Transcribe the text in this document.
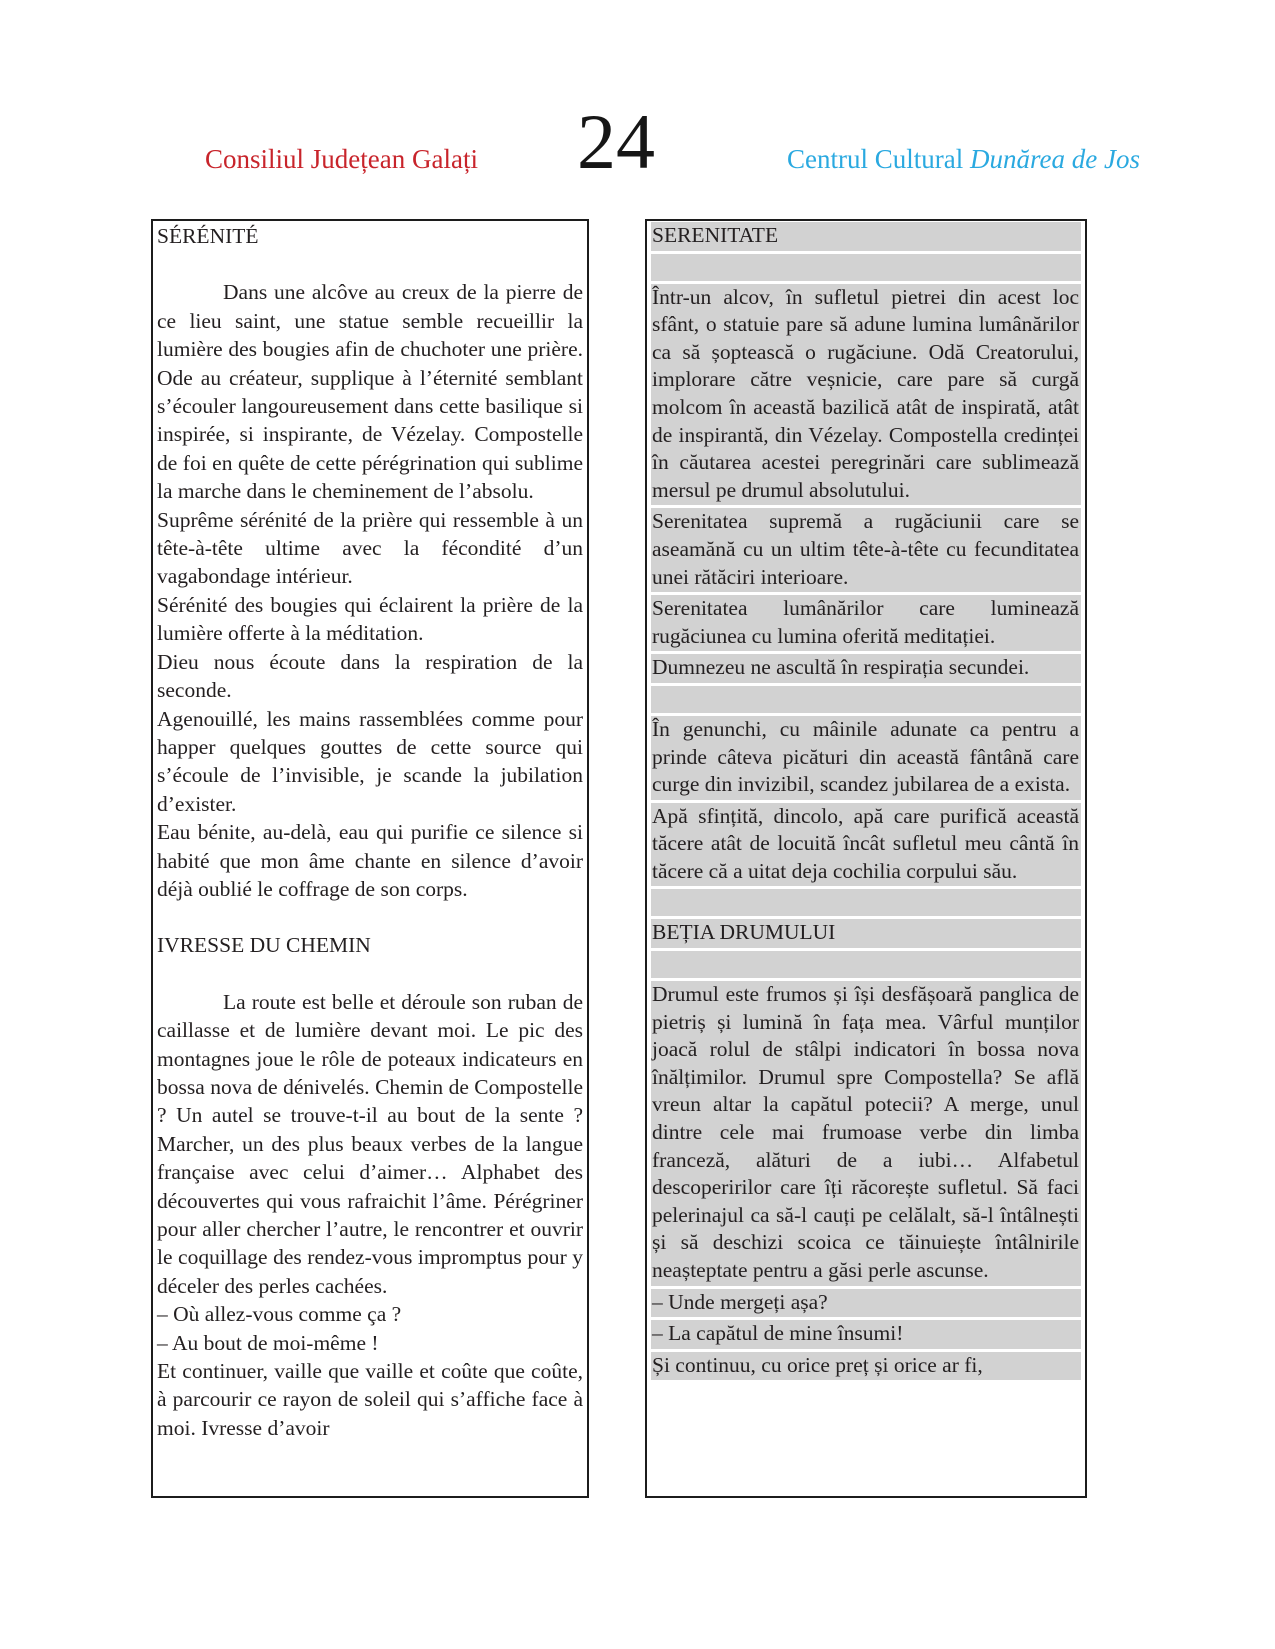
Consiliul Județean Galați 24	Centrul Cultural Dunărea de Jos
SÉRÉNITÉ

Dans une alcôve au creux de la pierre de ce lieu saint, une statue semble recueillir la lumière des bougies afin de chuchoter une prière. Ode au créateur, supplique à l’éternité semblant s’écouler langoureusement dans cette basilique si inspirée, si inspirante, de Vézelay. Compostelle de foi en quête de cette pérégrination qui sublime la marche dans le cheminement de l’absolu.

Suprême sérénité de la prière qui ressemble à un tête-à-tête ultime avec la fécondité d’un vagabondage intérieur.

Sérénité des bougies qui éclairent la prière de la lumière offerte à la méditation.

Dieu nous écoute dans la respiration de la seconde.

Agenouillé, les mains rassemblées comme pour happer quelques gouttes de cette source qui s’écoule de l’invisible, je scande la jubilation d’exister.

Eau bénite, au-delà, eau qui purifie ce silence si habité que mon âme chante en silence d’avoir déjà oublié le coffrage de son corps.

IVRESSE DU CHEMIN

La route est belle et déroule son ruban de caillasse et de lumière devant moi. Le pic des montagnes joue le rôle de poteaux indicateurs en bossa nova de dénivelés. Chemin de Compostelle ? Un autel se trouve-t-il au bout de la sente ? Marcher, un des plus beaux verbes de la langue française avec celui d’aimer… Alphabet des découvertes qui vous rafraichit l’âme. Pérégriner pour aller chercher l’autre, le rencontrer et ouvrir le coquillage des rendez-vous impromptus pour y déceler des perles cachées.

– Où allez-vous comme ça ?

– Au bout de moi-même !

Et continuer, vaille que vaille et coûte que coûte, à parcourir ce rayon de soleil qui s’affiche face à moi. Ivresse d’avoir

SERENITATE

Într-un alcov, în sufletul pietrei din acest loc sfânt, o statuie pare să adune lumina lumânărilor ca să șoptească o rugăciune. Odă Creatorului, implorare către veșnicie, care pare să curgă molcom în această bazilică atât de inspirată, atât de inspirantă, din Vézelay. Compostella credinței în căutarea acestei peregrinări care sublimează mersul pe drumul absolutului.

Serenitatea supremă a rugăciunii care se aseamănă cu un ultim tête-à-tête cu fecunditatea unei rătăciri interioare.

Serenitatea lumânărilor care luminează rugăciunea cu lumina oferită meditației.

Dumnezeu ne ascultă în respirația secundei.

În genunchi, cu mâinile adunate ca pentru a prinde câteva picături din această fântână care curge din invizibil, scandez jubilarea de a exista.

Apă sfințită, dincolo, apă care purifică această tăcere atât de locuită încât sufletul meu cântă în tăcere că a uitat deja cochilia corpului său.

BEȚIA DRUMULUI

Drumul este frumos și își desfășoară panglica de pietriș și lumină în fața mea. Vârful munților joacă rolul de stâlpi indicatori în bossa nova înălțimilor. Drumul spre Compostella? Se află vreun altar la capătul potecii? A merge, unul dintre cele mai frumoase verbe din limba franceză, alături de a iubi… Alfabetul descoperirilor care îți răcorește sufletul. Să faci pelerinajul ca să-l cauți pe celălalt, să-l întâlnești și să deschizi scoica ce tăinuiește întâlnirile neașteptate pentru a găsi perle ascunse.

– Unde mergeți așa?

– La capătul de mine însumi!

Și continuu, cu orice preț și orice ar fi,
